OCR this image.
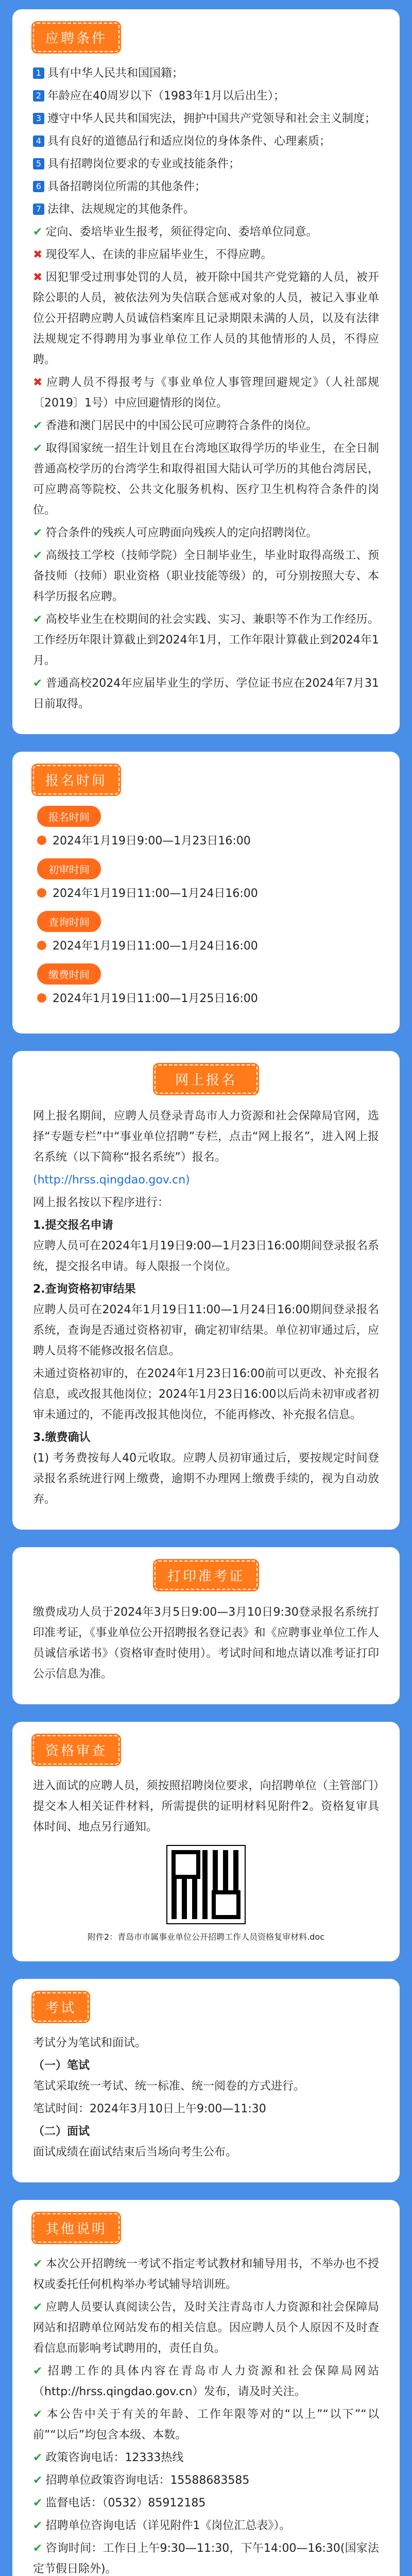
应聘条件

1 具有中华人民共和国国籍；

2 年龄应在40周岁以下（1983年1月以后出生）；

3 遵守中华人民共和国宪法，拥护中国共产党领导和社会主义制度；

4 具有良好的道德品行和适应岗位的身体条件、心理素质；

5 具有招聘岗位要求的专业或技能条件；

6 具备招聘岗位所需的其他条件；

7 法律、法规规定的其他条件。

✔ 定向、委培毕业生报考，须征得定向、委培单位同意。

✖ 现役军人、在读的非应届毕业生，不得应聘。

✖ 因犯罪受过刑事处罚的人员，被开除中国共产党党籍的人员，被开除公职的人员，被依法列为失信联合惩戒对象的人员，被记入事业单位公开招聘应聘人员诚信档案库且记录期限未满的人员，以及有法律法规规定不得聘用为事业单位工作人员的其他情形的人员，不得应聘。

✖ 应聘人员不得报考与《事业单位人事管理回避规定》（人社部规〔2019〕1号）中应回避情形的岗位。

✔ 香港和澳门居民中的中国公民可应聘符合条件的岗位。

✔ 取得国家统一招生计划且在台湾地区取得学历的毕业生，在全日制普通高校学历的台湾学生和取得祖国大陆认可学历的其他台湾居民，可应聘高等院校、公共文化服务机构、医疗卫生机构符合条件的岗位。

✔ 符合条件的残疾人可应聘面向残疾人的定向招聘岗位。

✔ 高级技工学校（技师学院）全日制毕业生，毕业时取得高级工、预备技师（技师）职业资格（职业技能等级）的，可分别按照大专、本科学历报名应聘。

✔ 高校毕业生在校期间的社会实践、实习、兼职等不作为工作经历。工作经历年限计算截止到2024年1月，工作年限计算截止到2024年1月。

✔ 普通高校2024年应届毕业生的学历、学位证书应在2024年7月31日前取得。

报名时间
报名时间
2024年1月19日9:00—1月23日16:00
初审时间
2024年1月19日11:00—1月24日16:00
查询时间
2024年1月19日11:00—1月24日16:00
缴费时间
2024年1月19日11:00—1月25日16:00
网上报名

网上报名期间，应聘人员登录青岛市人力资源和社会保障局官网，选择“专题专栏”中“事业单位招聘”专栏，点击“网上报名”，进入网上报名系统（以下简称“报名系统”）报名。

(http://hrss.qingdao.gov.cn)

网上报名按以下程序进行：

1.提交报名申请

应聘人员可在2024年1月19日9:00—1月23日16:00期间登录报名系统，提交报名申请。每人限报一个岗位。

2.查询资格初审结果

应聘人员可在2024年1月19日11:00—1月24日16:00期间登录报名系统，查询是否通过资格初审，确定初审结果。单位初审通过后，应聘人员将不能修改报名信息。

未通过资格初审的，在2024年1月23日16:00前可以更改、补充报名信息，或改报其他岗位；2024年1月23日16:00以后尚未初审或者初审未通过的，不能再改报其他岗位，不能再修改、补充报名信息。

3.缴费确认

(1) 考务费按每人40元收取。应聘人员初审通过后，要按规定时间登录报名系统进行网上缴费，逾期不办理网上缴费手续的，视为自动放弃。

打印准考证

缴费成功人员于2024年3月5日9:00—3月10日9:30登录报名系统打印准考证，《事业单位公开招聘报名登记表》和《应聘事业单位工作人员诚信承诺书》（资格审查时使用）。考试时间和地点请以准考证打印公示信息为准。

资格审查

进入面试的应聘人员，须按照招聘岗位要求，向招聘单位（主管部门）提交本人相关证件材料，所需提供的证明材料见附件2。资格复审具体时间、地点另行通知。

附件2：青岛市市属事业单位公开招聘工作人员资格复审材料.doc

考试

考试分为笔试和面试。

（一）笔试

笔试采取统一考试、统一标准、统一阅卷的方式进行。

笔试时间：2024年3月10日上午9:00—11:30

（二）面试

面试成绩在面试结束后当场向考生公布。

其他说明

✔ 本次公开招聘统一考试不指定考试教材和辅导用书，不举办也不授权或委托任何机构举办考试辅导培训班。

✔ 应聘人员要认真阅读公告，及时关注青岛市人力资源和社会保障局网站和招聘单位网站发布的相关信息。因应聘人员个人原因不及时查看信息而影响考试聘用的，责任自负。

✔ 招聘工作的具体内容在青岛市人力资源和社会保障局网站（http://hrss.qingdao.gov.cn）发布，请及时关注。

✔ 本公告中关于有关的年龄、工作年限等对的“以上”“以下”“以前”“以后”均包含本级、本数。

✔ 政策咨询电话：12333热线

✔ 招聘单位政策咨询电话：15588683585

✔ 监督电话：（0532）85912185

✔ 招聘单位咨询电话（详见附件1《岗位汇总表》）。

✔ 咨询时间：工作日上午9:30—11:30，下午14:00—16:30(国家法定节假日除外)。
